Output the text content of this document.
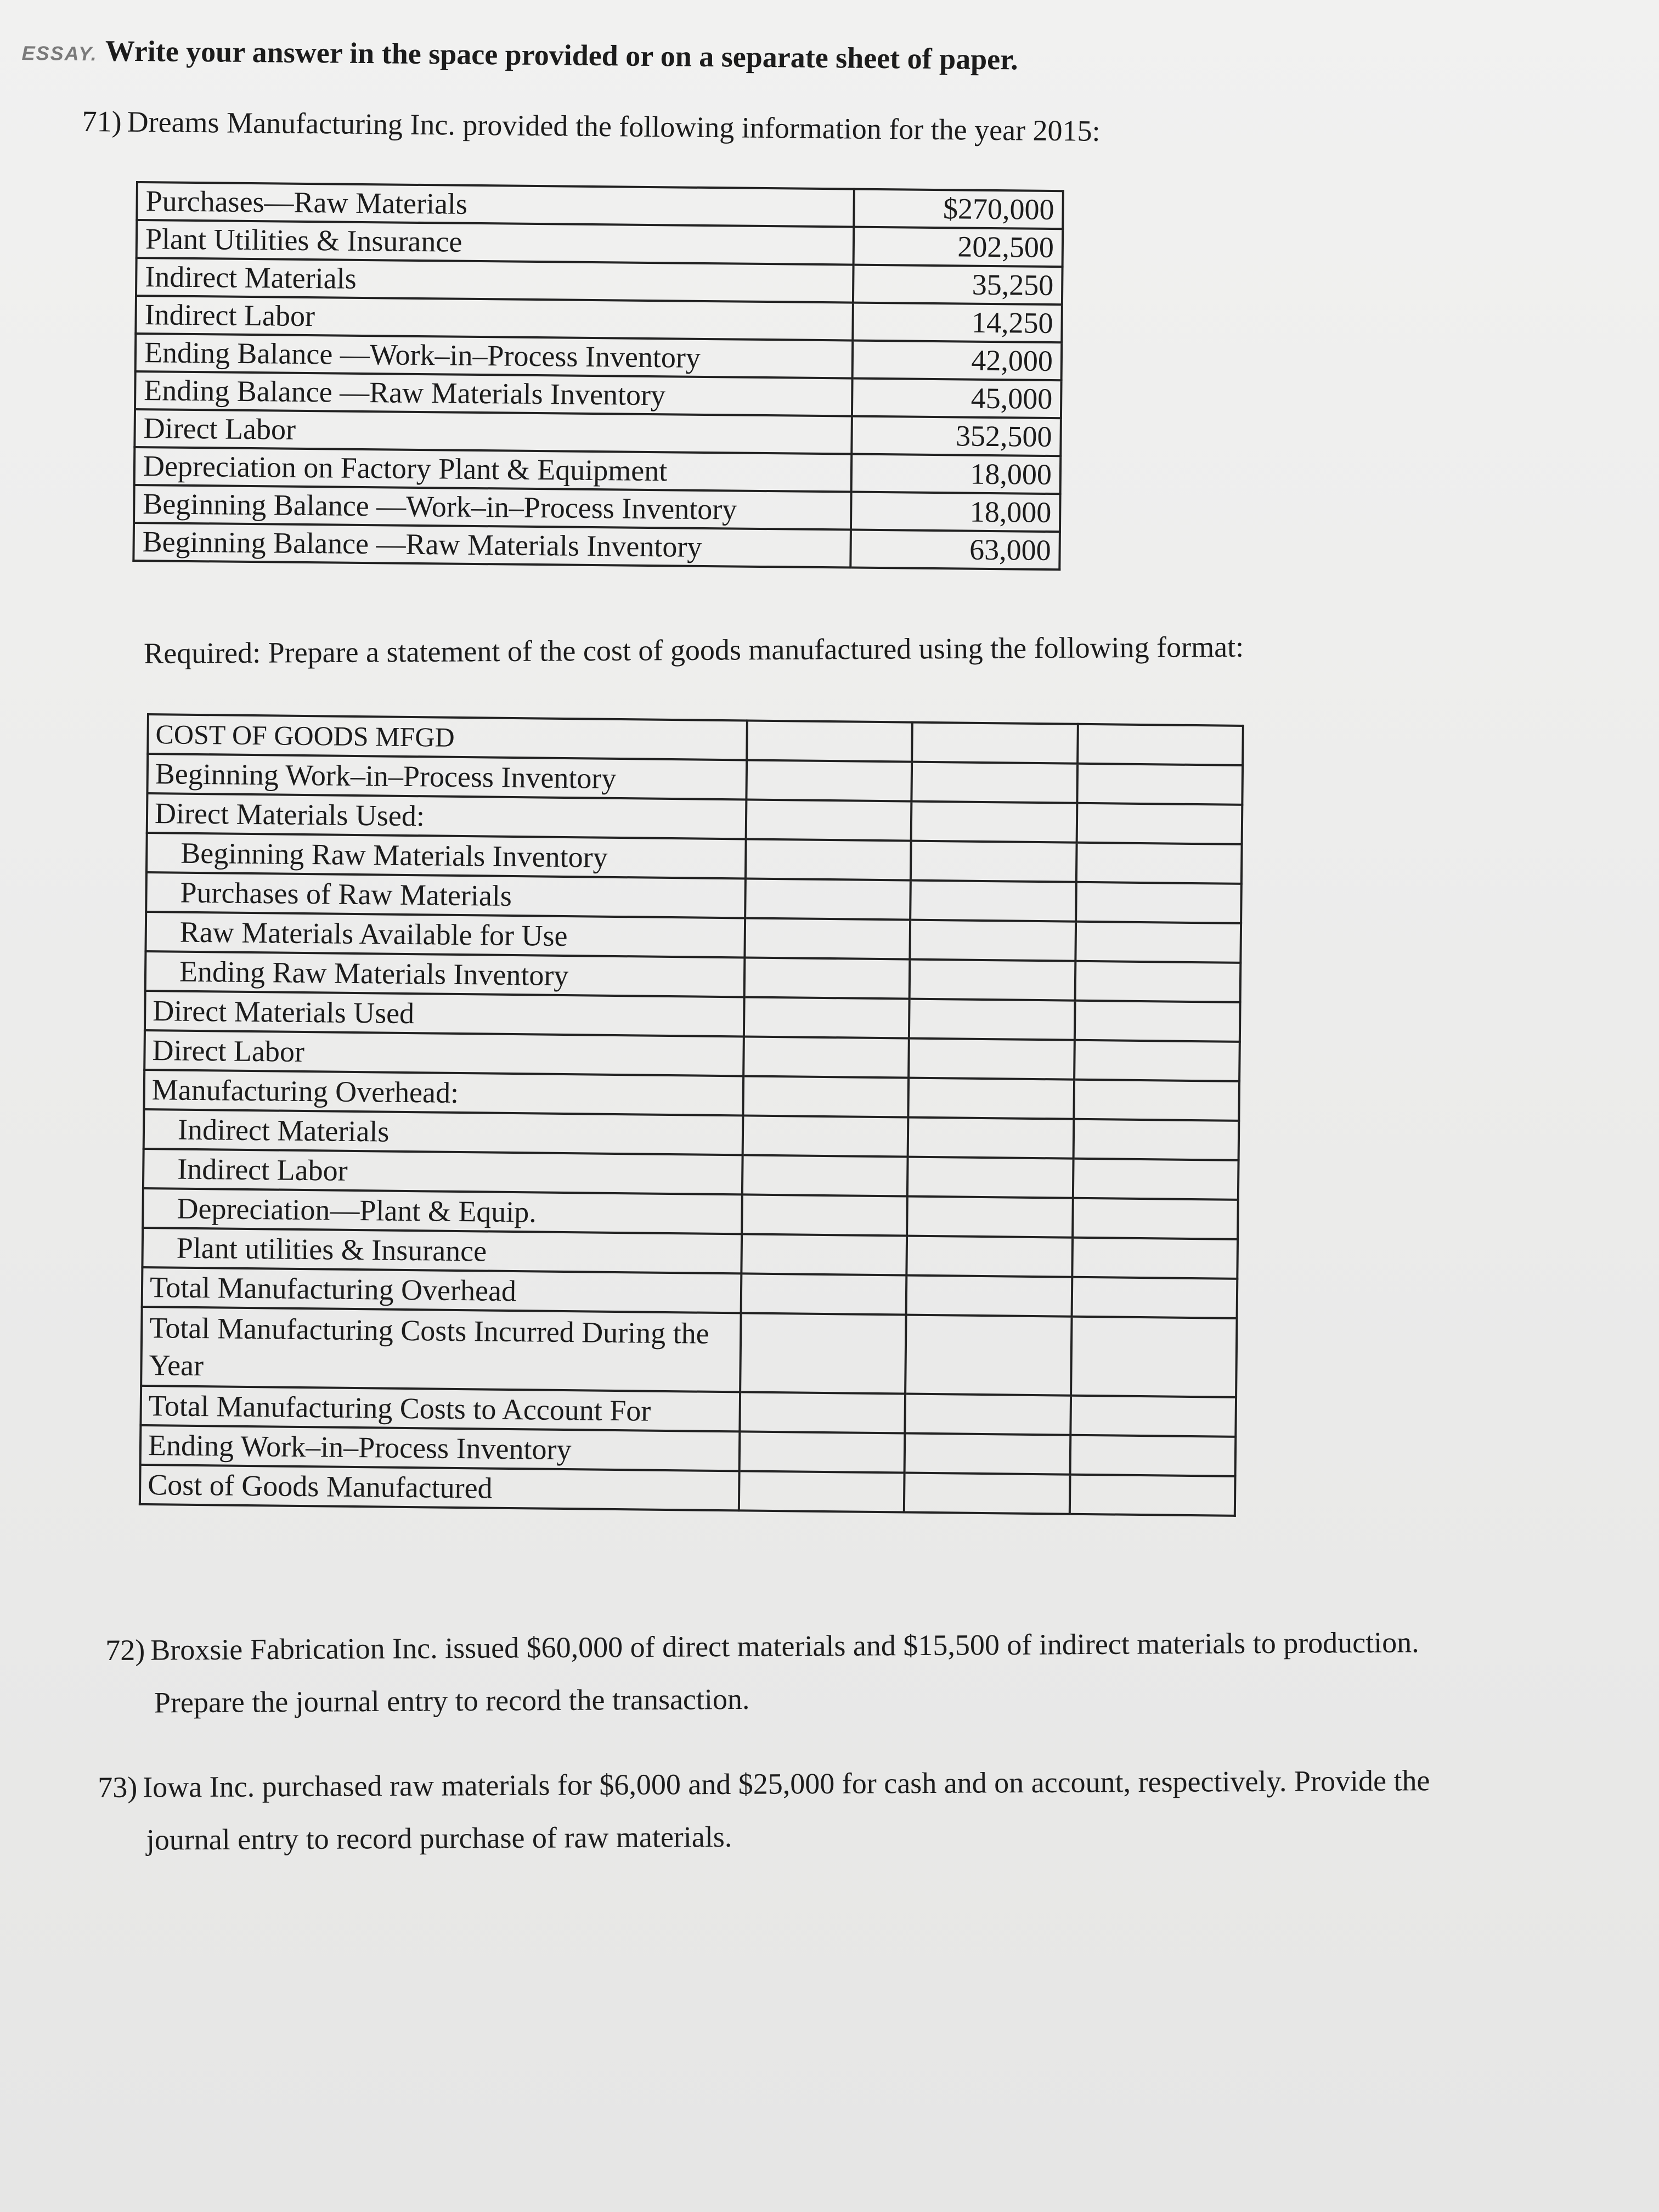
ESSAY. Write your answer in the space provided or on a separate sheet of paper.
71) Dreams Manufacturing Inc. provided the following information for the year 2015:
Purchases—Raw Materials	$270,000
Plant Utilities & Insurance	202,500
Indirect Materials	35,250
Indirect Labor	14,250
Ending Balance —Work–in–Process Inventory	42,000
Ending Balance —Raw Materials Inventory	45,000
Direct Labor	352,500
Depreciation on Factory Plant & Equipment	18,000
Beginning Balance —Work–in–Process Inventory	18,000
Beginning Balance —Raw Materials Inventory	63,000
Required: Prepare a statement of the cost of goods manufactured using the following format:
COST OF GOODS MFGD			
Beginning Work–in–Process Inventory			
Direct Materials Used:			
Beginning Raw Materials Inventory			
Purchases of Raw Materials			
Raw Materials Available for Use			
Ending Raw Materials Inventory			
Direct Materials Used			
Direct Labor			
Manufacturing Overhead:			
Indirect Materials			
Indirect Labor			
Depreciation—Plant & Equip.			
Plant utilities & Insurance			
Total Manufacturing Overhead			
Total Manufacturing Costs Incurred During the Year			
Total Manufacturing Costs to Account For			
Ending Work–in–Process Inventory			
Cost of Goods Manufactured			
72) Broxsie Fabrication Inc. issued $60,000 of direct materials and $15,500 of indirect materials to production.
Prepare the journal entry to record the transaction.
73) Iowa Inc. purchased raw materials for $6,000 and $25,000 for cash and on account, respectively. Provide the
journal entry to record purchase of raw materials.
